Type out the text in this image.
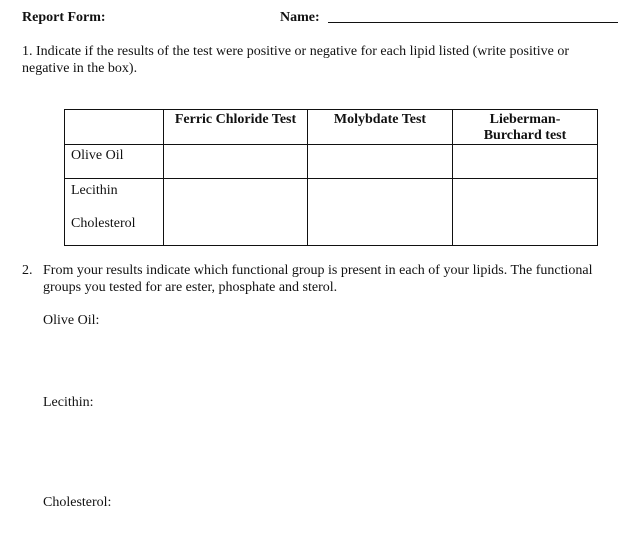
Report Form:	Name:
1. Indicate if the results of the test were positive or negative for each lipid listed (write positive or negative in the box).
	Ferric Chloride Test	Molybdate Test	Lieberman-
Burchard test

Olive Oil			

Lecithin
Cholesterol			

2. From your results indicate which functional group is present in each of your lipids. The functional groups you tested for are ester, phosphate and sterol.
Olive Oil:
Lecithin:
Cholesterol:
